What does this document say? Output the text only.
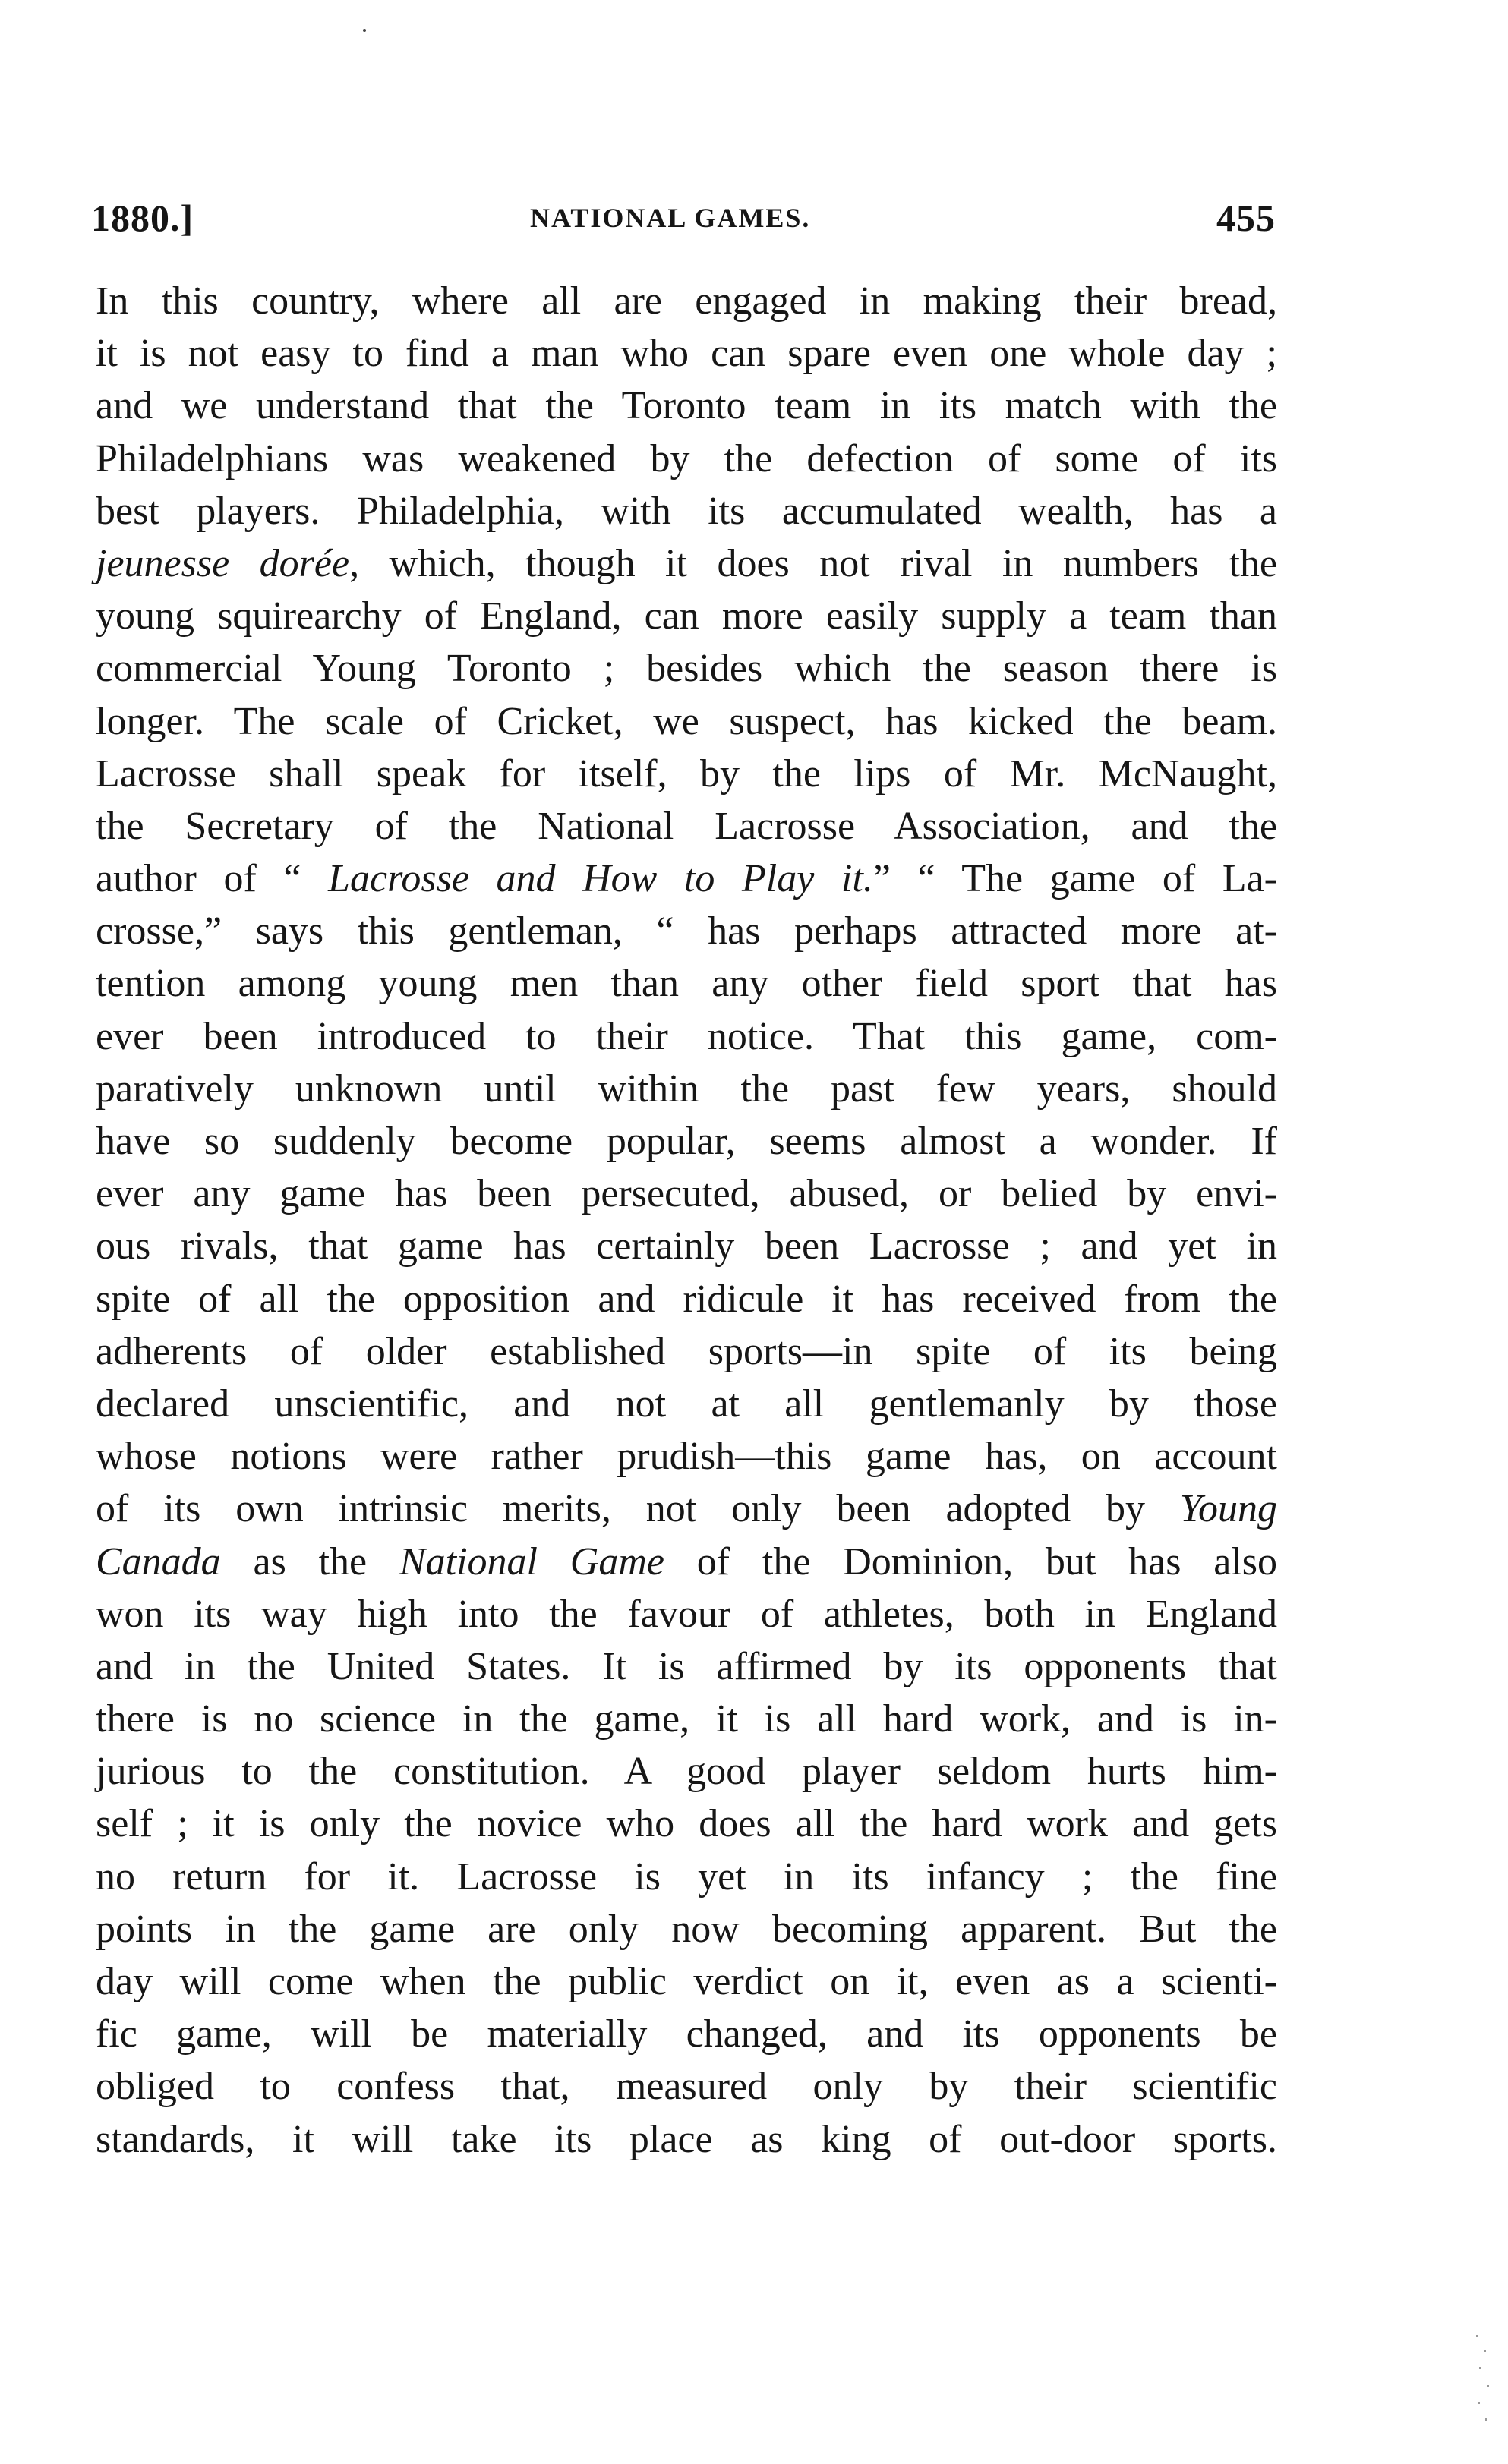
1880.]	NATIONAL GAMES.	455
In this country, where all are engaged in making their bread,
it is not easy to find a man who can spare even one whole day ;
and we understand that the Toronto team in its match with the
Philadelphians was weakened by the defection of some of its
best players. Philadelphia, with its accumulated wealth, has a
jeunesse dorée, which, though it does not rival in numbers the
young squirearchy of England, can more easily supply a team than
commercial Young Toronto ; besides which the season there is
longer. The scale of Cricket, we suspect, has kicked the beam.
Lacrosse shall speak for itself, by the lips of Mr. McNaught,
the Secretary of the National Lacrosse Association, and the
author of “ Lacrosse and How to Play it.” “ The game of La-
crosse,” says this gentleman, “ has perhaps attracted more at-
tention among young men than any other field sport that has
ever been introduced to their notice. That this game, com-
paratively unknown until within the past few years, should
have so suddenly become popular, seems almost a wonder. If
ever any game has been persecuted, abused, or belied by envi-
ous rivals, that game has certainly been Lacrosse ; and yet in
spite of all the opposition and ridicule it has received from the
adherents of older established sports—in spite of its being
declared unscientific, and not at all gentlemanly by those
whose notions were rather prudish—this game has, on account
of its own intrinsic merits, not only been adopted by Young
Canada as the National Game of the Dominion, but has also
won its way high into the favour of athletes, both in England
and in the United States. It is affirmed by its opponents that
there is no science in the game, it is all hard work, and is in-
jurious to the constitution. A good player seldom hurts him-
self ; it is only the novice who does all the hard work and gets
no return for it. Lacrosse is yet in its infancy ; the fine
points in the game are only now becoming apparent. But the
day will come when the public verdict on it, even as a scienti-
fic game, will be materially changed, and its opponents be
obliged to confess that, measured only by their scientific
standards, it will take its place as king of out-door sports.
